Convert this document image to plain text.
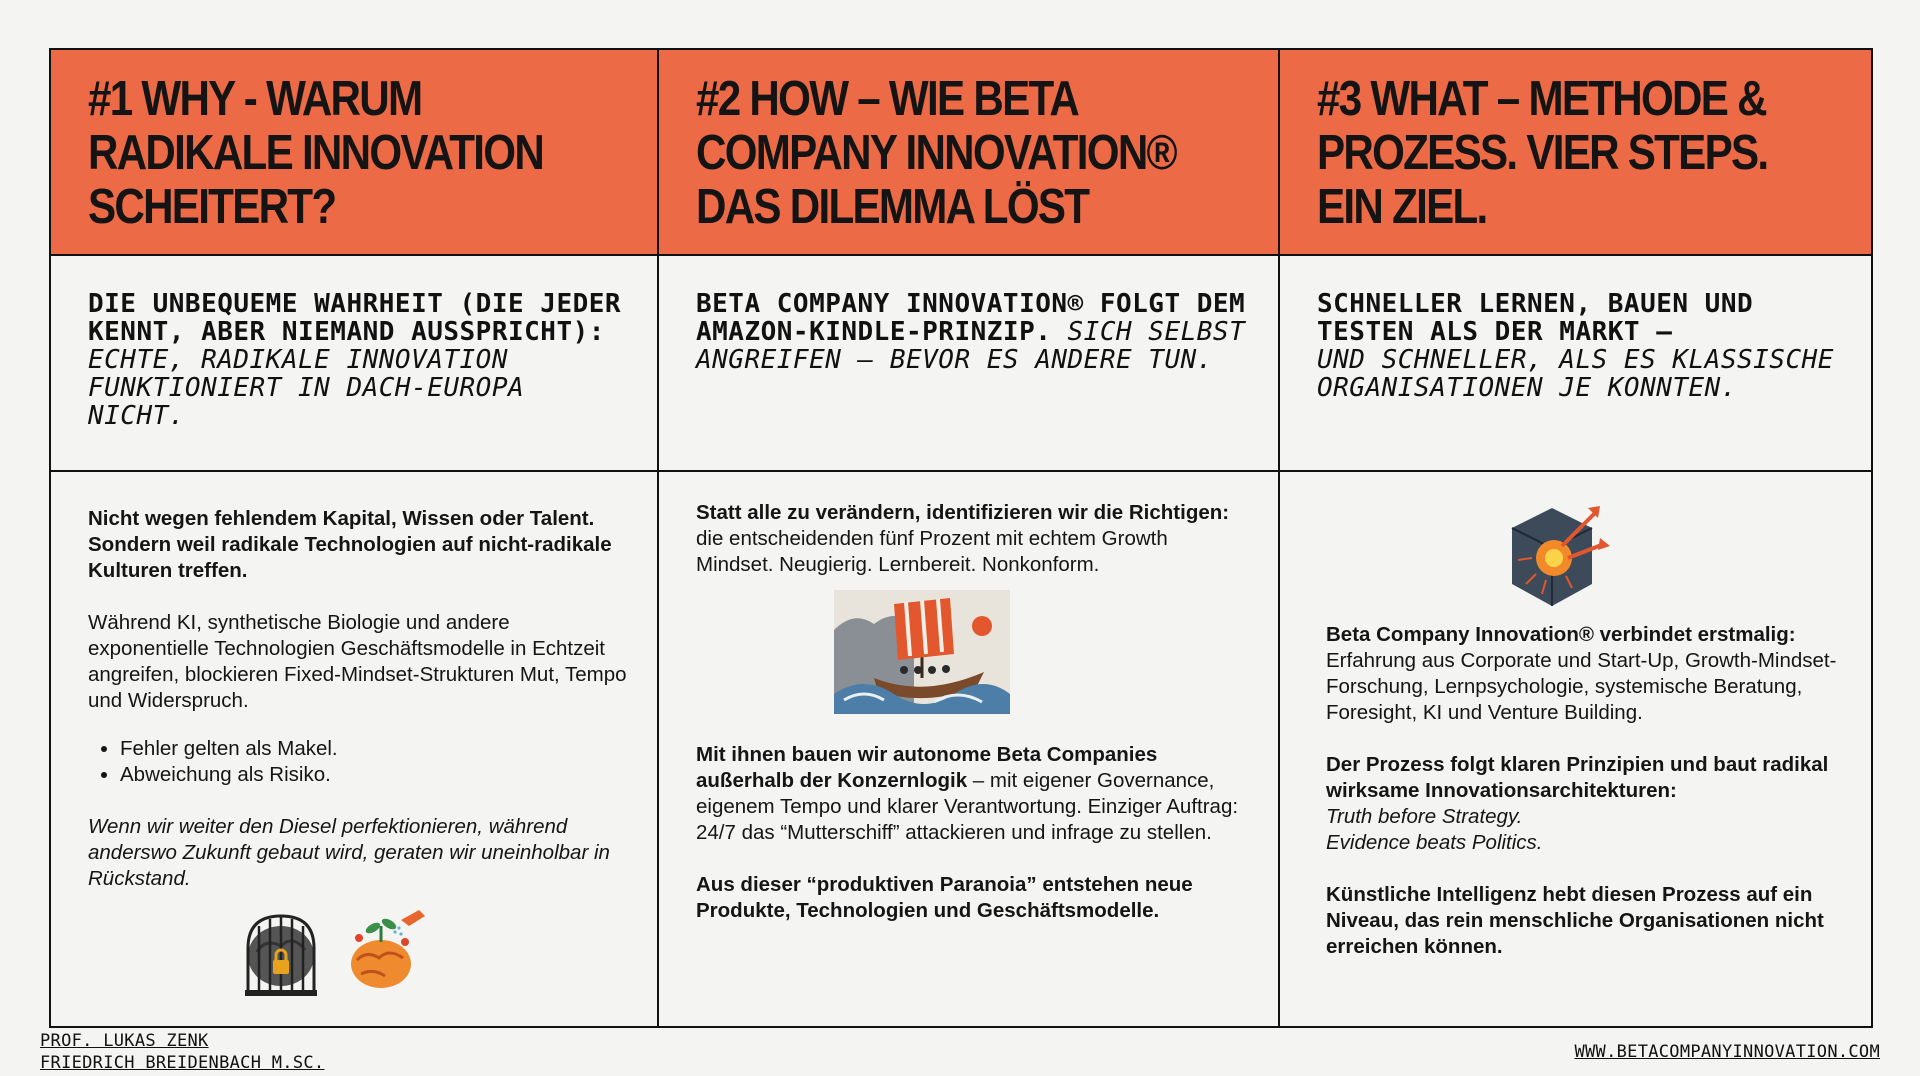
#1 WHY - WARUM RADIKALE INNOVATION SCHEITERT?
#2 HOW – WIE BETA COMPANY INNOVATION® DAS DILEMMA LÖST
#3 WHAT – METHODE & PROZESS. VIER STEPS. EIN ZIEL.

DIE UNBEQUEME WAHRHEIT (DIE JEDER KENNT, ABER NIEMAND AUSSPRICHT): ECHTE, RADIKALE INNOVATION FUNKTIONIERT IN DACH-EUROPA NICHT.

BETA COMPANY INNOVATION® FOLGT DEM AMAZON-KINDLE-PRINZIP. SICH SELBST ANGREIFEN – BEVOR ES ANDERE TUN.

SCHNELLER LERNEN, BAUEN UND TESTEN ALS DER MARKT –
UND SCHNELLER, ALS ES KLASSISCHE ORGANISATIONEN JE KONNTEN.

Nicht wegen fehlendem Kapital, Wissen oder Talent. Sondern weil radikale Technologien auf nicht-radikale Kulturen treffen.

Während KI, synthetische Biologie und andere exponentielle Technologien Geschäftsmodelle in Echtzeit angreifen, blockieren Fixed-Mindset-Strukturen Mut, Tempo und Widerspruch.

• Fehler gelten als Makel.
• Abweichung als Risiko.

Wenn wir weiter den Diesel perfektionieren, während anderswo Zukunft gebaut wird, geraten wir uneinholbar in Rückstand.

Statt alle zu verändern, identifizieren wir die Richtigen: die entscheidenden fünf Prozent mit echtem Growth Mindset. Neugierig. Lernbereit. Nonkonform.

Mit ihnen bauen wir autonome Beta Companies außerhalb der Konzernlogik – mit eigener Governance, eigenem Tempo und klarer Verantwortung. Einziger Auftrag: 24/7 das “Mutterschiff” attackieren und infrage zu stellen.

Aus dieser “produktiven Paranoia” entstehen neue Produkte, Technologien und Geschäftsmodelle.

Beta Company Innovation® verbindet erstmalig: Erfahrung aus Corporate und Start-Up, Growth-Mindset-Forschung, Lernpsychologie, systemische Beratung, Foresight, KI und Venture Building.

Der Prozess folgt klaren Prinzipien und baut radikal wirksame Innovationsarchitekturen:
Truth before Strategy.
Evidence beats Politics.

Künstliche Intelligenz hebt diesen Prozess auf ein Niveau, das rein menschliche Organisationen nicht erreichen können.

PROF. LUKAS ZENK
FRIEDRICH BREIDENBACH M.SC.
WWW.BETACOMPANYINNOVATION.COM
